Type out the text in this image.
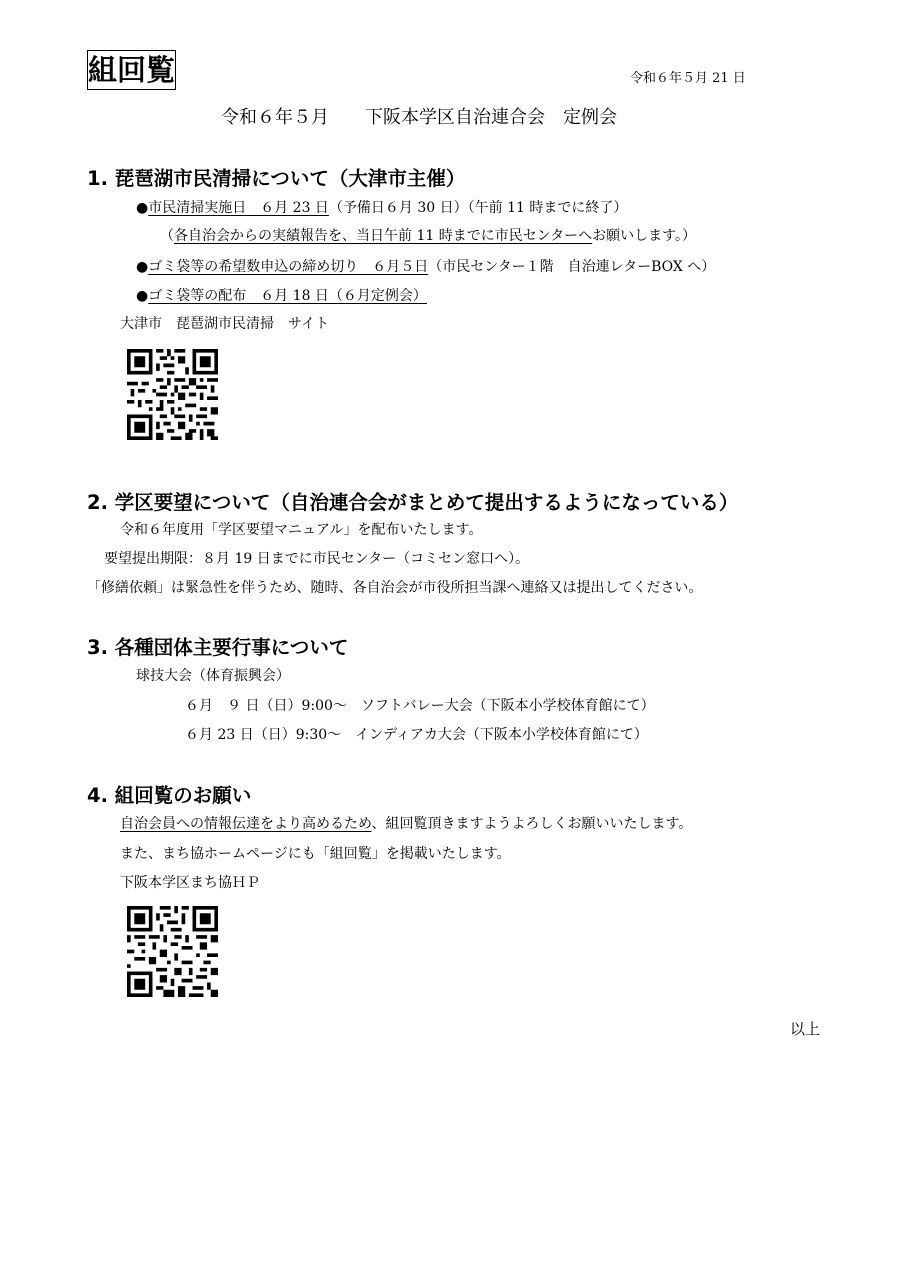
組回覧	令和６年５月 21 日
令和６年５月　　下阪本学区自治連合会　定例会
1. 琵琶湖市民清掃について（大津市主催）
●市民清掃実施日　６月 23 日（予備日６月 30 日）（午前 11 時までに終了）
（各自治会からの実績報告を、当日午前 11 時までに市民センターへお願いします。）
●ゴミ袋等の希望数申込の締め切り　６月５日（市民センター１階　自治連レターBOX へ）
●ゴミ袋等の配布　６月 18 日（６月定例会）
大津市　琵琶湖市民清掃　サイト
2. 学区要望について（自治連合会がまとめて提出するようになっている）
令和６年度用「学区要望マニュアル」を配布いたします。
要望提出期限：８月 19 日までに市民センター（コミセン窓口へ）。
「修繕依頼」は緊急性を伴うため、随時、各自治会が市役所担当課へ連絡又は提出してください。
3. 各種団体主要行事について
球技大会（体育振興会）
６月　９ 日（日）9:00～　ソフトバレー大会（下阪本小学校体育館にて）
６月 23 日（日）9:30～　インディアカ大会（下阪本小学校体育館にて）
4. 組回覧のお願い
自治会員への情報伝達をより高めるため、組回覧頂きますようよろしくお願いいたします。
また、まち協ホームページにも「組回覧」を掲載いたします。
下阪本学区まち協ＨＰ
以上
